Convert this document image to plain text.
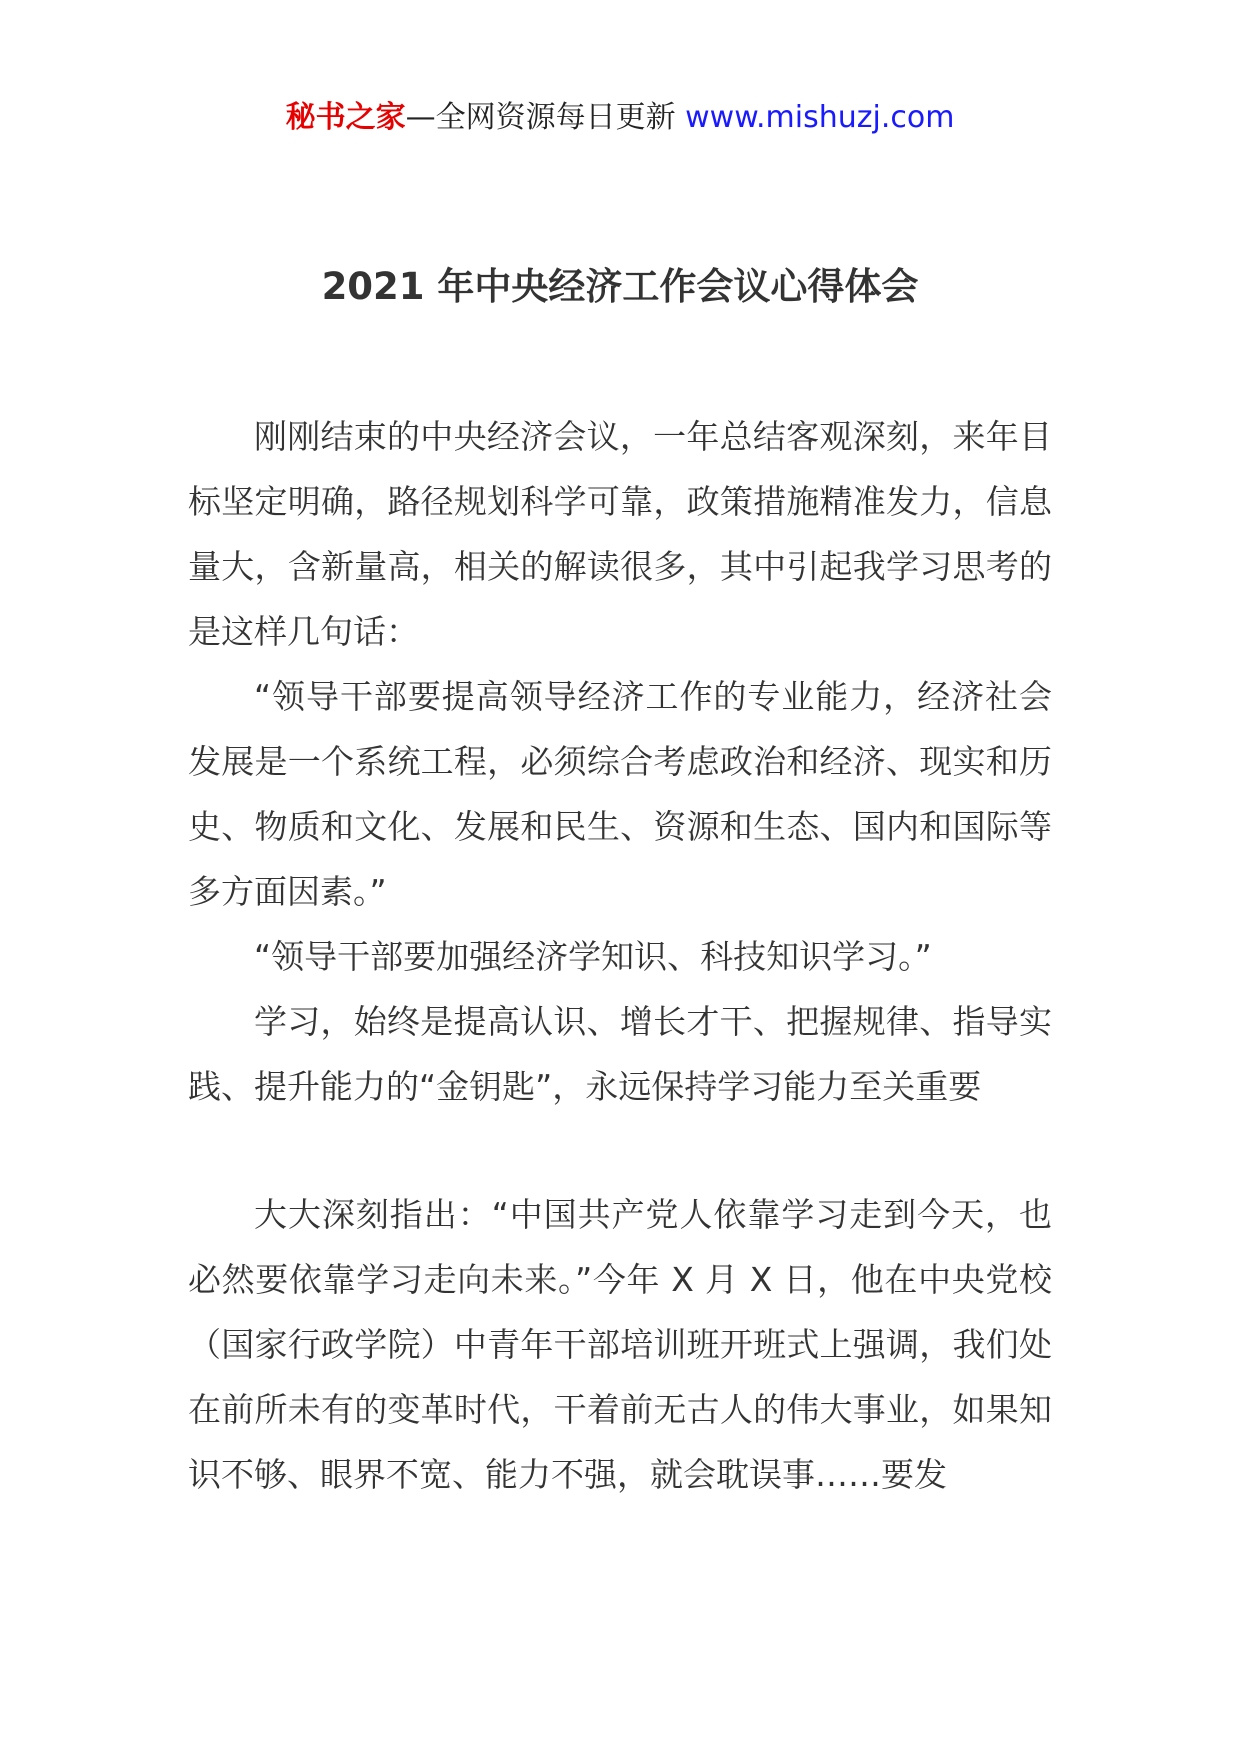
秘书之家—全网资源每日更新 www.mishuzj.com
2021 年中央经济工作会议心得体会

刚刚结束的中央经济会议，一年总结客观深刻，来年目标坚定明确，路径规划科学可靠，政策措施精准发力，信息量大，含新量高，相关的解读很多，其中引起我学习思考的是这样几句话：

“领导干部要提高领导经济工作的专业能力，经济社会发展是一个系统工程，必须综合考虑政治和经济、现实和历史、物质和文化、发展和民生、资源和生态、国内和国际等多方面因素。”

“领导干部要加强经济学知识、科技知识学习。”

学习，始终是提高认识、增长才干、把握规律、指导实践、提升能力的“金钥匙”，永远保持学习能力至关重要

大大深刻指出：“中国共产党人依靠学习走到今天，也必然要依靠学习走向未来。”今年 X 月 X 日，他在中央党校（国家行政学院）中青年干部培训班开班式上强调，我们处在前所未有的变革时代，干着前无古人的伟大事业，如果知识不够、眼界不宽、能力不强，就会耽误事……要发
